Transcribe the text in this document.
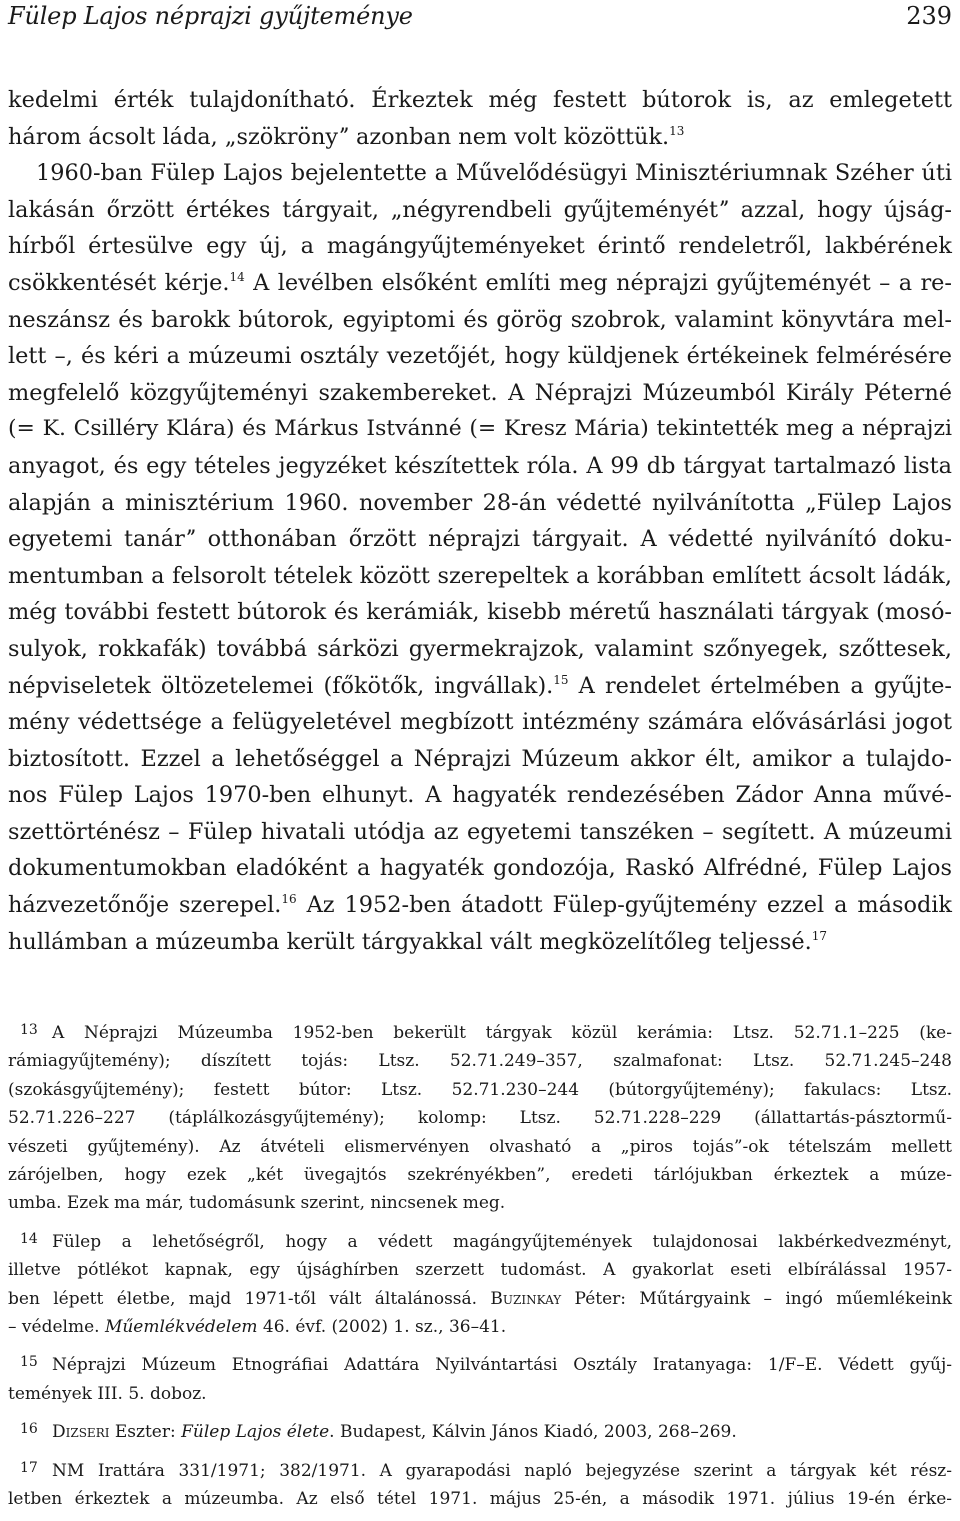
Fülep Lajos néprajzi gyűjteménye	239
kedelmi érték tulajdonítható. Érkeztek még festett bútorok is, az emlegetett
három ácsolt láda, „szökrönyˮ azonban nem volt közöttük.$^{13}$
1960-ban Fülep Lajos bejelentette a Művelődésügyi Minisztériumnak Széher úti
lakásán őrzött értékes tárgyait, „négyrendbeli gyűjteményétˮ azzal, hogy újság-
hírből értesülve egy új, a magángyűjteményeket érintő rendeletről, lakbérének
csökkentését kérje.$^{14}$ A levélben elsőként említi meg néprajzi gyűjteményét – a re-
neszánsz és barokk bútorok, egyiptomi és görög szobrok, valamint könyvtára mel-
lett –, és kéri a múzeumi osztály vezetőjét, hogy küldjenek értékeinek felmérésére
megfelelő közgyűjteményi szakembereket. A Néprajzi Múzeumból Király Péterné
(= K. Csilléry Klára) és Márkus Istvánné (= Kresz Mária) tekintették meg a néprajzi
anyagot, és egy tételes jegyzéket készítettek róla. A 99 db tárgyat tartalmazó lista
alapján a minisztérium 1960. november 28-án védetté nyilvánította „Fülep Lajos
egyetemi tanárˮ otthonában őrzött néprajzi tárgyait. A védetté nyilvánító doku-
mentumban a felsorolt tételek között szerepeltek a korábban említett ácsolt ládák,
még további festett bútorok és kerámiák, kisebb méretű használati tárgyak (mosó-
sulyok, rokkafák) továbbá sárközi gyermekrajzok, valamint szőnyegek, szőttesek,
népviseletek öltözetelemei (főkötők, ingvállak).$^{15}$ A rendelet értelmében a gyűjte-
mény védettsége a felügyeletével megbízott intézmény számára elővásárlási jogot
biztosított. Ezzel a lehetőséggel a Néprajzi Múzeum akkor élt, amikor a tulajdo-
nos Fülep Lajos 1970-ben elhunyt. A hagyaték rendezésében Zádor Anna művé-
szettörténész – Fülep hivatali utódja az egyetemi tanszéken – segített. A múzeumi
dokumentumokban eladóként a hagyaték gondozója, Raskó Alfrédné, Fülep Lajos
házvezetőnője szerepel.$^{16}$ Az 1952-ben átadott Fülep-gyűjtemény ezzel a második
hullámban a múzeumba került tárgyakkal vált megközelítőleg teljessé.$^{17}$
13 A Néprajzi Múzeumba 1952-ben bekerült tárgyak közül kerámia: Ltsz. 52.71.1–225 (ke-
rámiagyűjtemény); díszített tojás: Ltsz. 52.71.249–357, szalmafonat: Ltsz. 52.71.245–248
(szokásgyűjtemény); festett bútor: Ltsz. 52.71.230–244 (bútorgyűjtemény); fakulacs: Ltsz.
52.71.226–227 (táplálkozásgyűjtemény); kolomp: Ltsz. 52.71.228–229 (állattartás-pásztormű-
vészeti gyűjtemény). Az átvételi elismervényen olvasható a „piros tojás”-ok tételszám mellett
zárójelben, hogy ezek „két üvegajtós szekrényékben”, eredeti tárlójukban érkeztek a múze-
umba. Ezek ma már, tudomásunk szerint, nincsenek meg.
14 Fülep a lehetőségről, hogy a védett magángyűjtemények tulajdonosai lakbérkedvezményt,
illetve pótlékot kapnak, egy újsághírben szerzett tudomást. A gyakorlat eseti elbírálással 1957-
ben lépett életbe, majd 1971-től vált általánossá. Buzinkay Péter: Műtárgyaink – ingó műemlékeink
– védelme. Műemlékvédelem 46. évf. (2002) 1. sz., 36–41.
15 Néprajzi Múzeum Etnográfiai Adattára Nyilvántartási Osztály Iratanyaga: 1/F–E. Védett gyűj-
temények III. 5. doboz.
16 Dizseri Eszter: Fülep Lajos élete. Budapest, Kálvin János Kiadó, 2003, 268–269.
17 NM Irattára 331/1971; 382/1971. A gyarapodási napló bejegyzése szerint a tárgyak két rész-
letben érkeztek a múzeumba. Az első tétel 1971. május 25-én, a második 1971. július 19-én érke-
